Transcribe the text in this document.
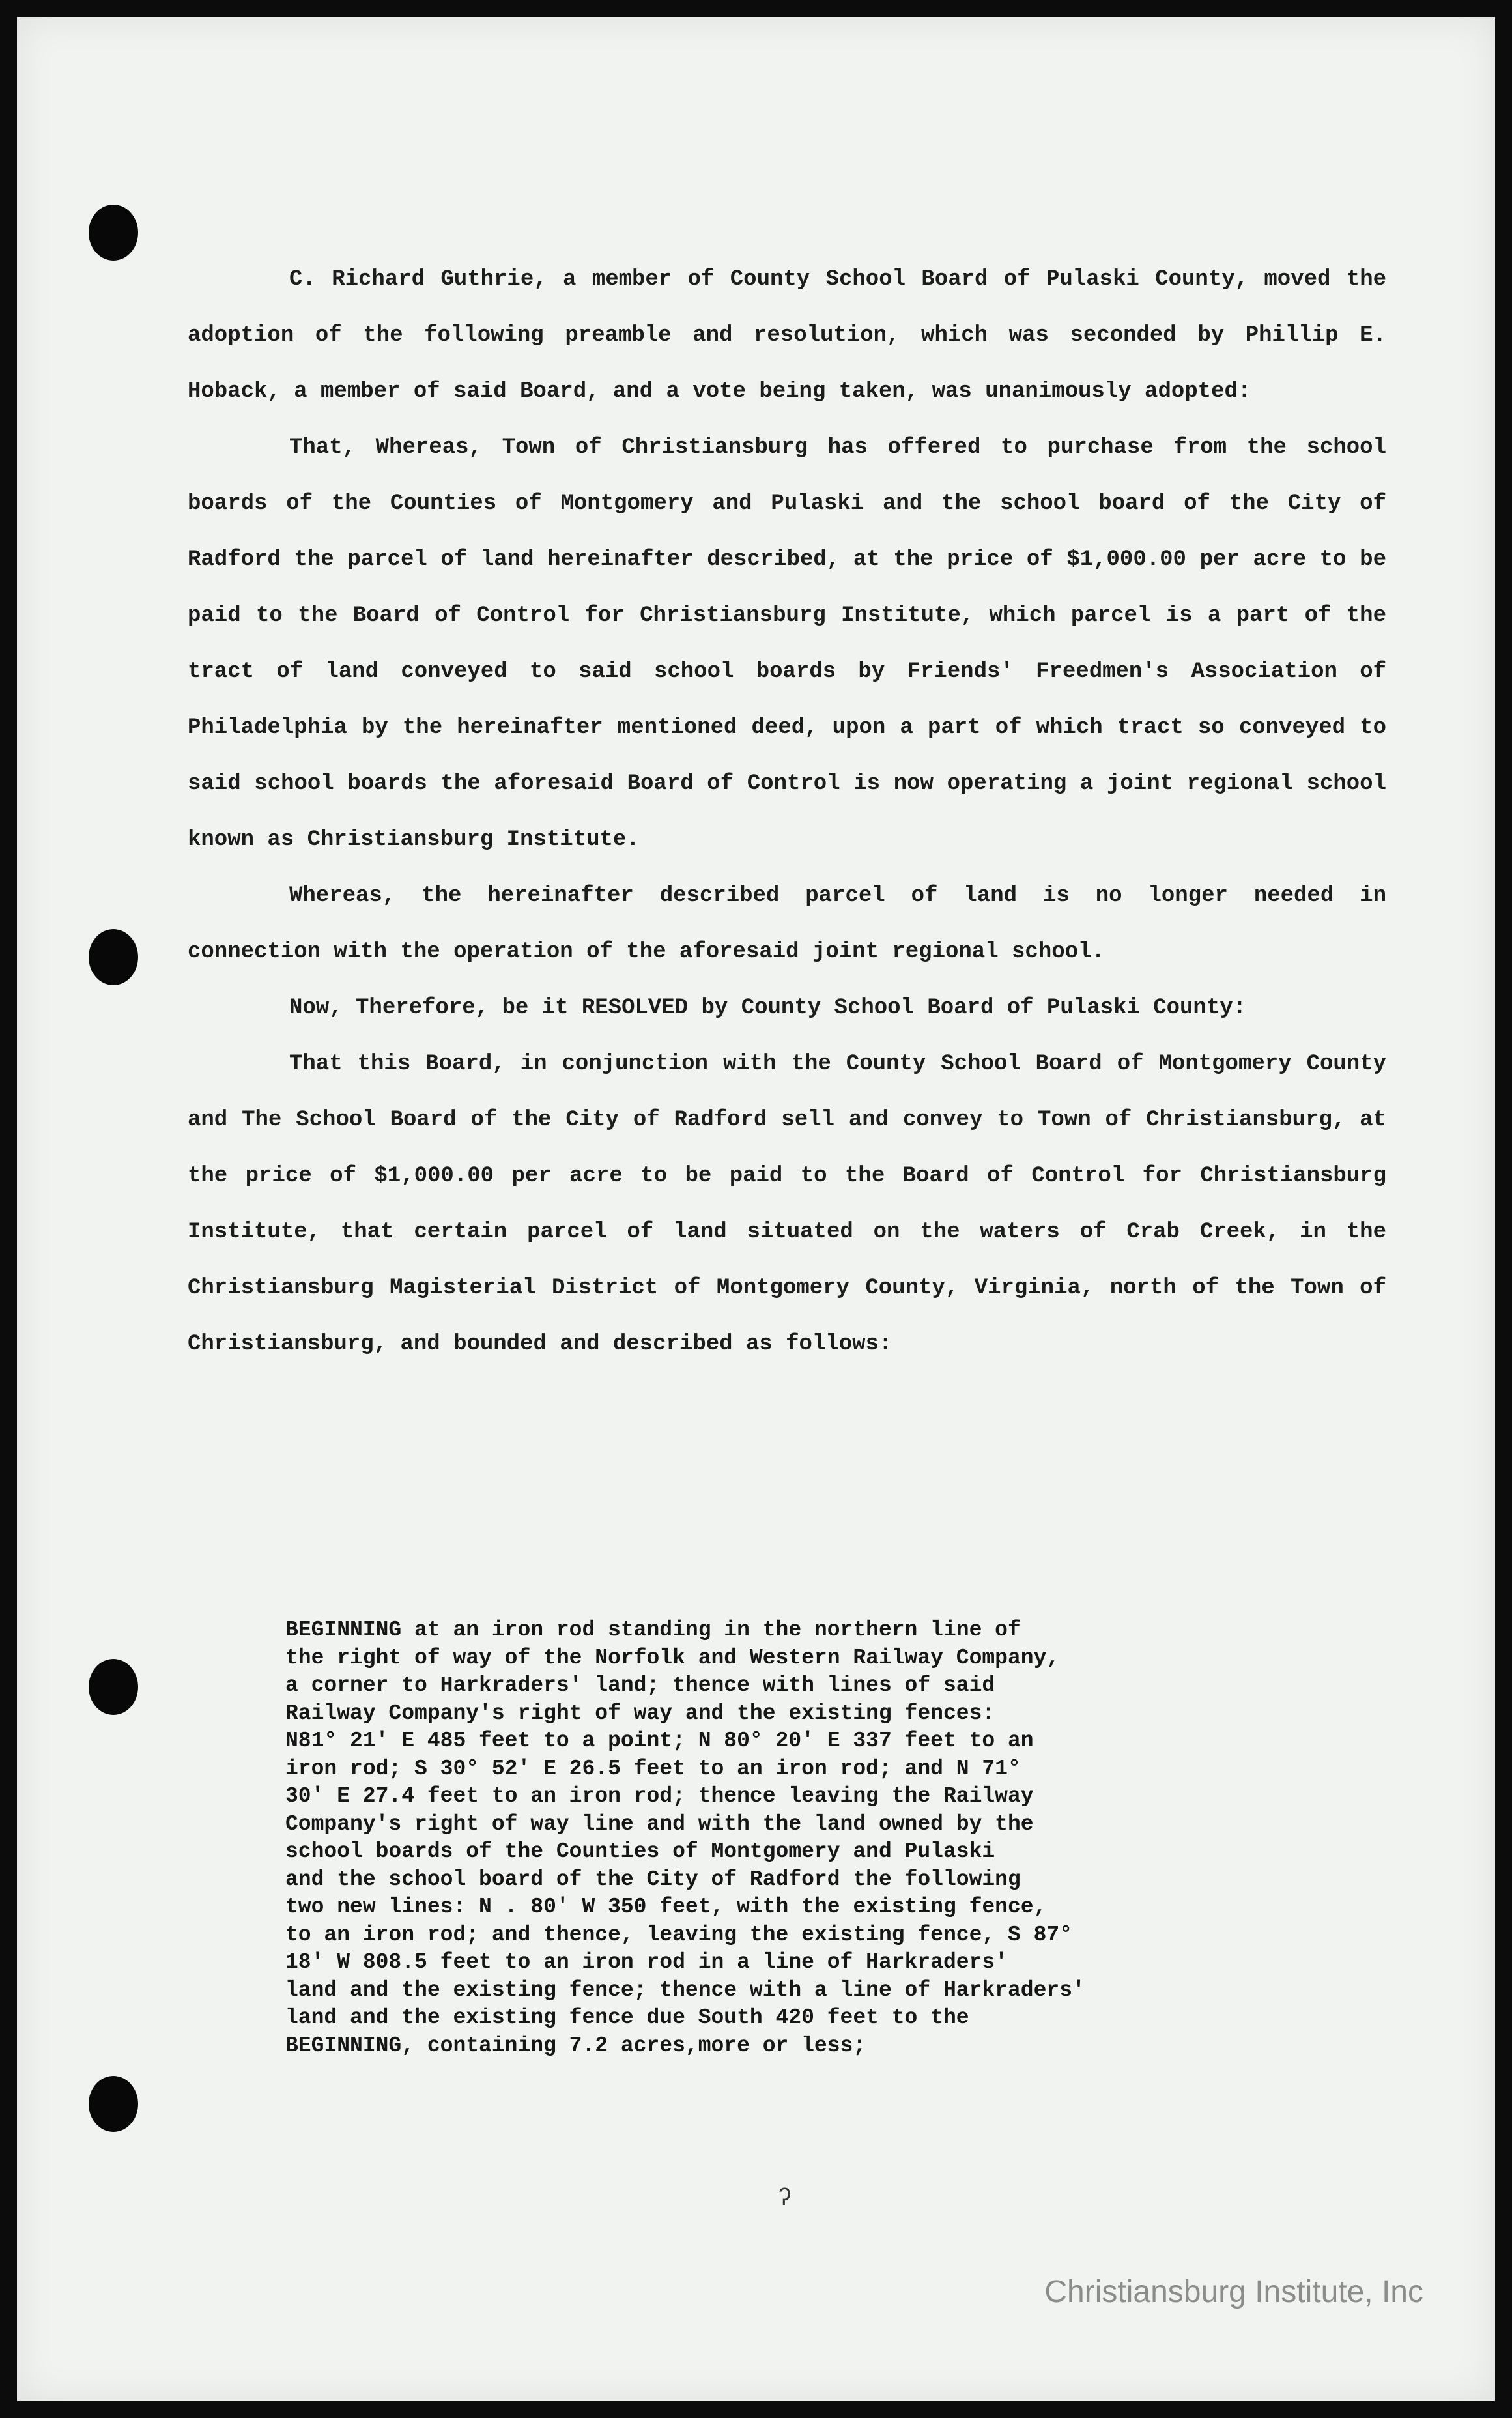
C. Richard Guthrie, a member of County School Board of Pulaski County, moved the adoption of the following preamble and resolution, which was seconded by Phillip E. Hoback, a member of said Board, and a vote being taken, was unanimously adopted:

That, Whereas, Town of Christiansburg has offered to purchase from the school boards of the Counties of Montgomery and Pulaski and the school board of the City of Radford the parcel of land hereinafter described, at the price of $1,000.00 per acre to be paid to the Board of Control for Christiansburg Institute, which parcel is a part of the tract of land conveyed to said school boards by Friends' Freedmen's Association of Philadelphia by the hereinafter mentioned deed, upon a part of which tract so conveyed to said school boards the aforesaid Board of Control is now operating a joint regional school known as Christiansburg Institute.

Whereas, the hereinafter described parcel of land is no longer needed in connection with the operation of the aforesaid joint regional school.

Now, Therefore, be it RESOLVED by County School Board of Pulaski County:

That this Board, in conjunction with the County School Board of Montgomery County and The School Board of the City of Radford sell and convey to Town of Christiansburg, at the price of $1,000.00 per acre to be paid to the Board of Control for Christiansburg Institute, that certain parcel of land situated on the waters of Crab Creek, in the Christiansburg Magisterial District of Montgomery County, Virginia, north of the Town of Christiansburg, and bounded and described as follows:

BEGINNING at an iron rod standing in the northern line of
the right of way of the Norfolk and Western Railway Company,
a corner to Harkraders' land; thence with lines of said
Railway Company's right of way and the existing fences:
N81° 21' E 485 feet to a point; N 80° 20' E 337 feet to an
iron rod; S 30° 52' E 26.5 feet to an iron rod; and N 71°
30' E 27.4 feet to an iron rod; thence leaving the Railway
Company's right of way line and with the land owned by the
school boards of the Counties of Montgomery and Pulaski
and the school board of the City of Radford the following
two new lines: N . 80' W 350 feet, with the existing fence,
to an iron rod; and thence, leaving the existing fence, S 87°
18' W 808.5 feet to an iron rod in a line of Harkraders'
land and the existing fence; thence with a line of Harkraders'
land and the existing fence due South 420 feet to the
BEGINNING, containing 7.2 acres,more or less;
ʔ
Christiansburg Institute, Inc
